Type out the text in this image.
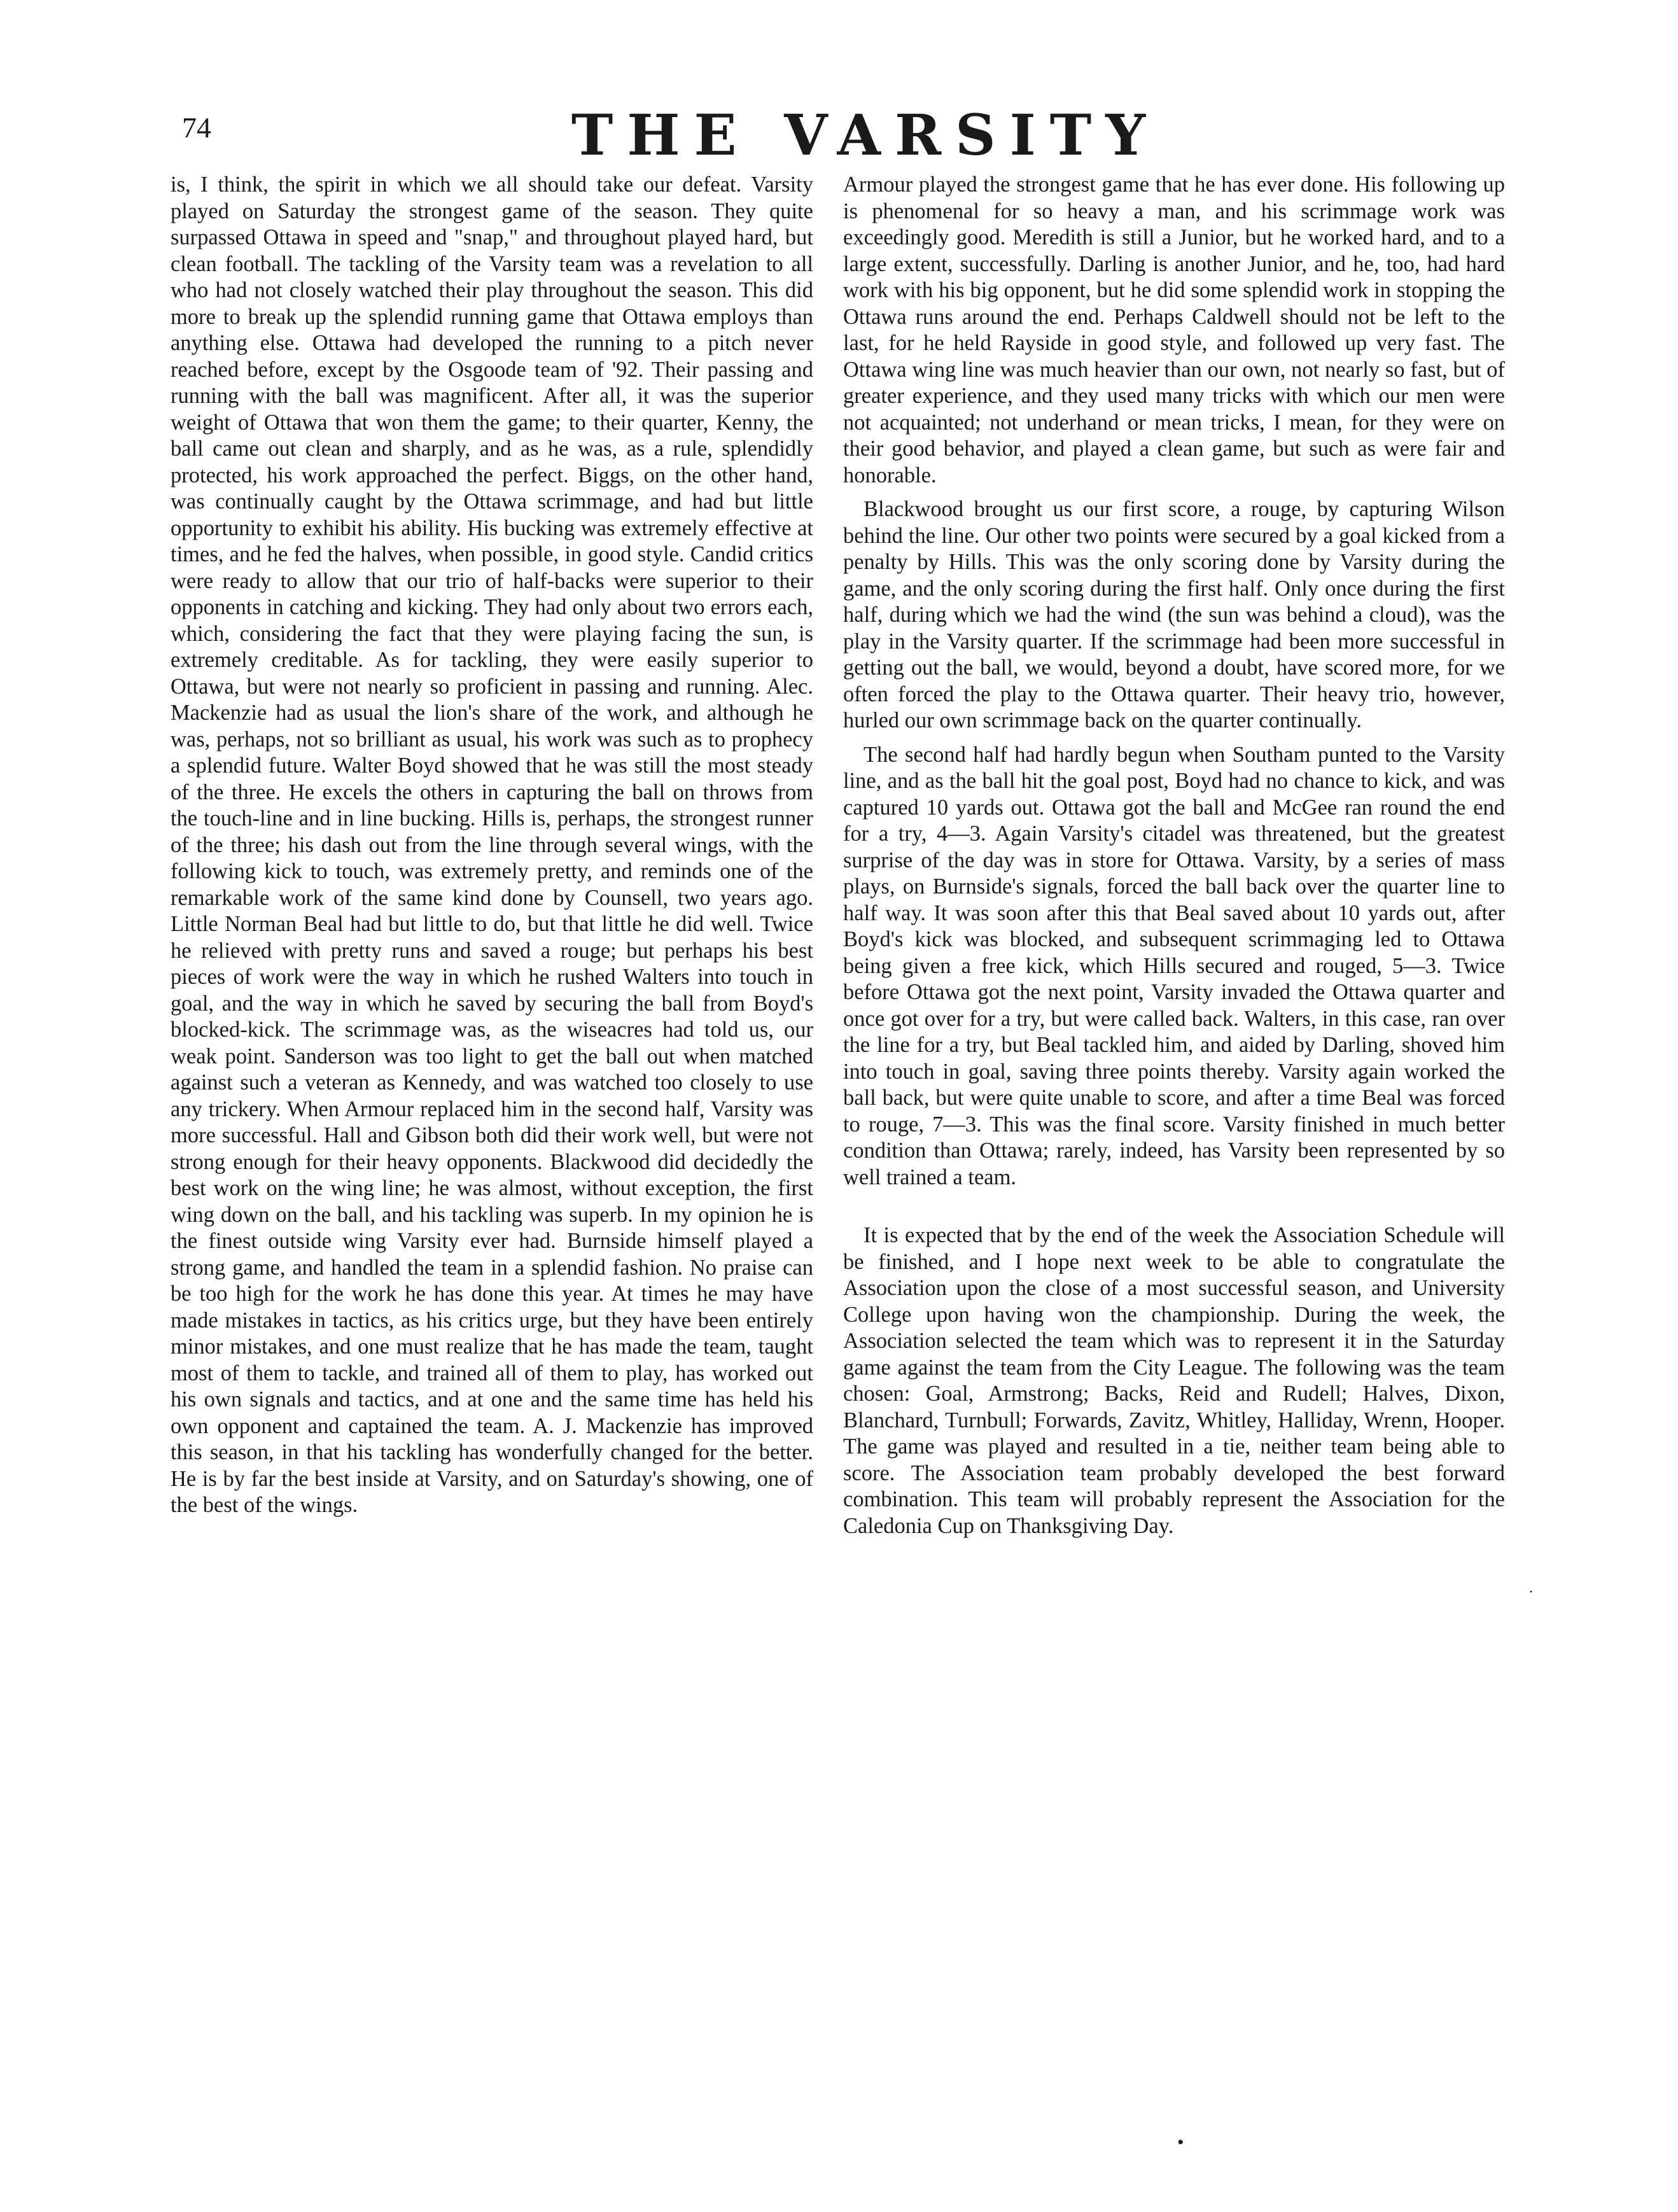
74	THE VARSITY

is, I think, the spirit in which we all should take our defeat. Varsity played on Saturday the strongest game of the season. They quite surpassed Ottawa in speed and "snap," and throughout played hard, but clean football. The tackling of the Varsity team was a revelation to all who had not closely watched their play throughout the season. This did more to break up the splendid running game that Ottawa employs than anything else. Ottawa had developed the running to a pitch never reached before, except by the Osgoode team of '92. Their passing and running with the ball was magnificent. After all, it was the superior weight of Ottawa that won them the game; to their quarter, Kenny, the ball came out clean and sharply, and as he was, as a rule, splendidly protected, his work approached the perfect. Biggs, on the other hand, was continually caught by the Ottawa scrimmage, and had but little opportunity to exhibit his ability. His bucking was extremely effective at times, and he fed the halves, when possible, in good style. Candid critics were ready to allow that our trio of half-backs were superior to their opponents in catching and kicking. They had only about two errors each, which, considering the fact that they were playing facing the sun, is extremely creditable. As for tackling, they were easily superior to Ottawa, but were not nearly so proficient in passing and running. Alec. Mackenzie had as usual the lion's share of the work, and although he was, perhaps, not so brilliant as usual, his work was such as to prophecy a splendid future. Walter Boyd showed that he was still the most steady of the three. He excels the others in capturing the ball on throws from the touch-line and in line bucking. Hills is, perhaps, the strongest runner of the three; his dash out from the line through several wings, with the following kick to touch, was extremely pretty, and reminds one of the remarkable work of the same kind done by Counsell, two years ago. Little Norman Beal had but little to do, but that little he did well. Twice he relieved with pretty runs and saved a rouge; but perhaps his best pieces of work were the way in which he rushed Walters into touch in goal, and the way in which he saved by securing the ball from Boyd's blocked-kick. The scrimmage was, as the wiseacres had told us, our weak point. Sanderson was too light to get the ball out when matched against such a veteran as Kennedy, and was watched too closely to use any trickery. When Armour replaced him in the second half, Varsity was more successful. Hall and Gibson both did their work well, but were not strong enough for their heavy opponents. Blackwood did decidedly the best work on the wing line; he was almost, without exception, the first wing down on the ball, and his tackling was superb. In my opinion he is the finest outside wing Varsity ever had. Burnside himself played a strong game, and handled the team in a splendid fashion. No praise can be too high for the work he has done this year. At times he may have made mistakes in tactics, as his critics urge, but they have been entirely minor mistakes, and one must realize that he has made the team, taught most of them to tackle, and trained all of them to play, has worked out his own signals and tactics, and at one and the same time has held his own opponent and captained the team. A. J. Mackenzie has improved this season, in that his tackling has wonderfully changed for the better. He is by far the best inside at Varsity, and on Saturday's showing, one of the best of the wings.

Armour played the strongest game that he has ever done. His following up is phenomenal for so heavy a man, and his scrimmage work was exceedingly good. Meredith is still a Junior, but he worked hard, and to a large extent, successfully. Darling is another Junior, and he, too, had hard work with his big opponent, but he did some splendid work in stopping the Ottawa runs around the end. Perhaps Caldwell should not be left to the last, for he held Rayside in good style, and followed up very fast. The Ottawa wing line was much heavier than our own, not nearly so fast, but of greater experience, and they used many tricks with which our men were not acquainted; not underhand or mean tricks, I mean, for they were on their good behavior, and played a clean game, but such as were fair and honorable.

Blackwood brought us our first score, a rouge, by capturing Wilson behind the line. Our other two points were secured by a goal kicked from a penalty by Hills. This was the only scoring done by Varsity during the game, and the only scoring during the first half. Only once during the first half, during which we had the wind (the sun was behind a cloud), was the play in the Varsity quarter. If the scrimmage had been more successful in getting out the ball, we would, beyond a doubt, have scored more, for we often forced the play to the Ottawa quarter. Their heavy trio, however, hurled our own scrimmage back on the quarter continually.

The second half had hardly begun when Southam punted to the Varsity line, and as the ball hit the goal post, Boyd had no chance to kick, and was captured 10 yards out. Ottawa got the ball and McGee ran round the end for a try, 4—3. Again Varsity's citadel was threatened, but the greatest surprise of the day was in store for Ottawa. Varsity, by a series of mass plays, on Burnside's signals, forced the ball back over the quarter line to half way. It was soon after this that Beal saved about 10 yards out, after Boyd's kick was blocked, and subsequent scrimmaging led to Ottawa being given a free kick, which Hills secured and rouged, 5—3. Twice before Ottawa got the next point, Varsity invaded the Ottawa quarter and once got over for a try, but were called back. Walters, in this case, ran over the line for a try, but Beal tackled him, and aided by Darling, shoved him into touch in goal, saving three points thereby. Varsity again worked the ball back, but were quite unable to score, and after a time Beal was forced to rouge, 7—3. This was the final score. Varsity finished in much better condition than Ottawa; rarely, indeed, has Varsity been represented by so well trained a team.

It is expected that by the end of the week the Association Schedule will be finished, and I hope next week to be able to congratulate the Association upon the close of a most successful season, and University College upon having won the championship. During the week, the Association selected the team which was to represent it in the Saturday game against the team from the City League. The following was the team chosen: Goal, Armstrong; Backs, Reid and Rudell; Halves, Dixon, Blanchard, Turnbull; Forwards, Zavitz, Whitley, Halliday, Wrenn, Hooper. The game was played and resulted in a tie, neither team being able to score. The Association team probably developed the best forward combination. This team will probably represent the Association for the Caledonia Cup on Thanksgiving Day.

·
•
